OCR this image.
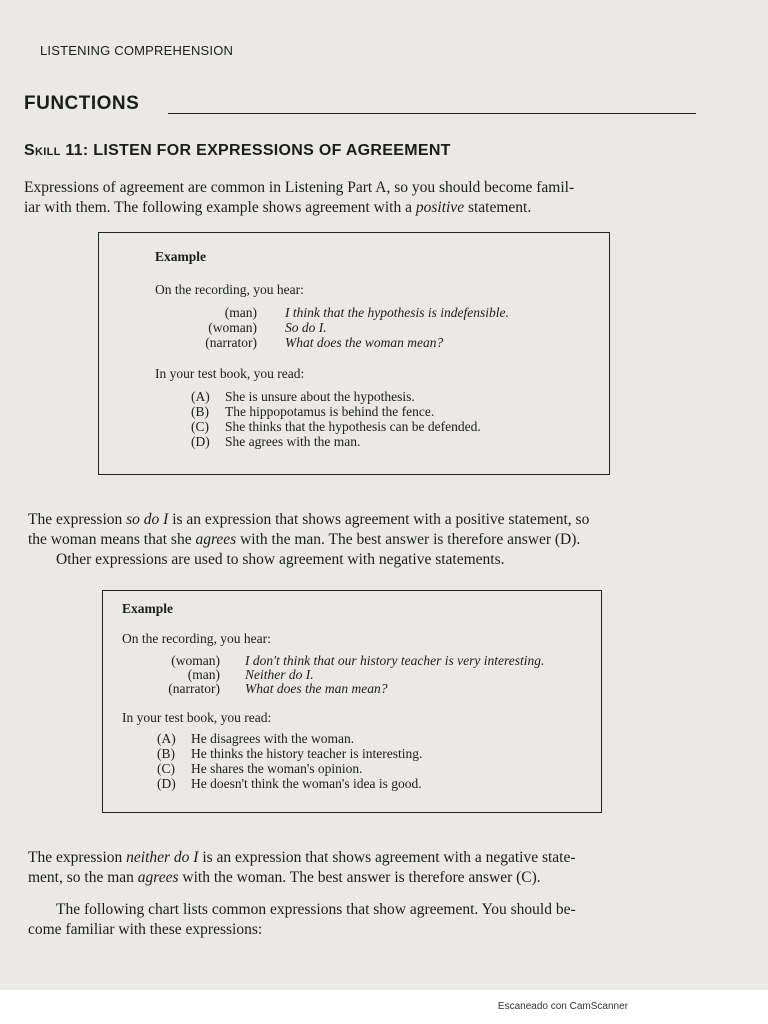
LISTENING COMPREHENSION
FUNCTIONS
Skill 11: LISTEN FOR EXPRESSIONS OF AGREEMENT

Expressions of agreement are common in Listening Part A, so you should become famil-
iar with them. The following example shows agreement with a positive statement.

Example
On the recording, you hear:
(man) I think that the hypothesis is indefensible.
(woman) So do I.
(narrator) What does the woman mean?
In your test book, you read:
(A) She is unsure about the hypothesis.
(B) The hippopotamus is behind the fence.
(C) She thinks that the hypothesis can be defended.
(D) She agrees with the man.

The expression so do I is an expression that shows agreement with a positive statement, so
the woman means that she agrees with the man. The best answer is therefore answer (D).
Other expressions are used to show agreement with negative statements.

Example
On the recording, you hear:
(woman) I don't think that our history teacher is very interesting.
(man) Neither do I.
(narrator) What does the man mean?
In your test book, you read:
(A) He disagrees with the woman.
(B) He thinks the history teacher is interesting.
(C) He shares the woman's opinion.
(D) He doesn't think the woman's idea is good.

The expression neither do I is an expression that shows agreement with a negative state-
ment, so the man agrees with the woman. The best answer is therefore answer (C).

The following chart lists common expressions that show agreement. You should be-
come familiar with these expressions:

Escaneado con CamScanner
